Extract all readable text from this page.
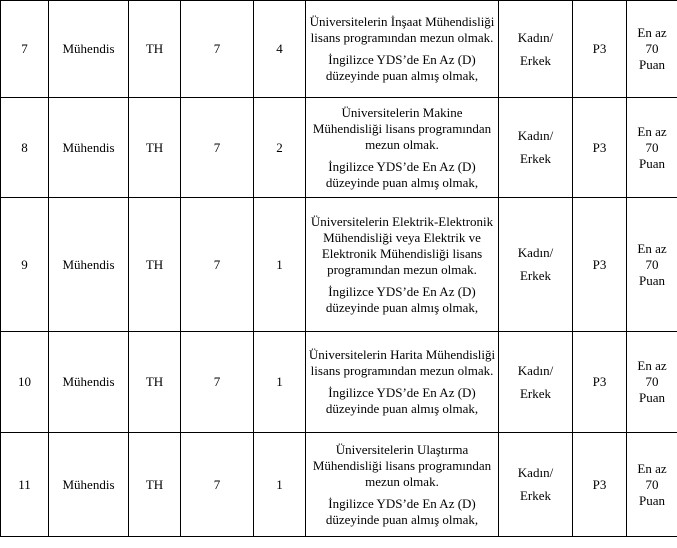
7	Mühendis	TH	7	4	Üniversitelerin İnşaat Mühendisliği lisans programından mezun olmak.
İngilizce YDS’de En Az (D) düzeyinde puan almış olmak,	Kadın/
Erkek	P3	En az
70
Puan

8	Mühendis	TH	7	2	Üniversitelerin Makine Mühendisliği lisans programından mezun olmak.
İngilizce YDS’de En Az (D) düzeyinde puan almış olmak,	Kadın/
Erkek	P3	En az
70
Puan

9	Mühendis	TH	7	1	Üniversitelerin Elektrik-Elektronik Mühendisliği veya Elektrik ve Elektronik Mühendisliği lisans programından mezun olmak.
İngilizce YDS’de En Az (D) düzeyinde puan almış olmak,	Kadın/
Erkek	P3	En az
70
Puan

10	Mühendis	TH	7	1	Üniversitelerin Harita Mühendisliği lisans programından mezun olmak.
İngilizce YDS’de En Az (D) düzeyinde puan almış olmak,	Kadın/
Erkek	P3	En az
70
Puan

11	Mühendis	TH	7	1	Üniversitelerin Ulaştırma Mühendisliği lisans programından mezun olmak.
İngilizce YDS’de En Az (D) düzeyinde puan almış olmak,	Kadın/
Erkek	P3	En az
70
Puan
